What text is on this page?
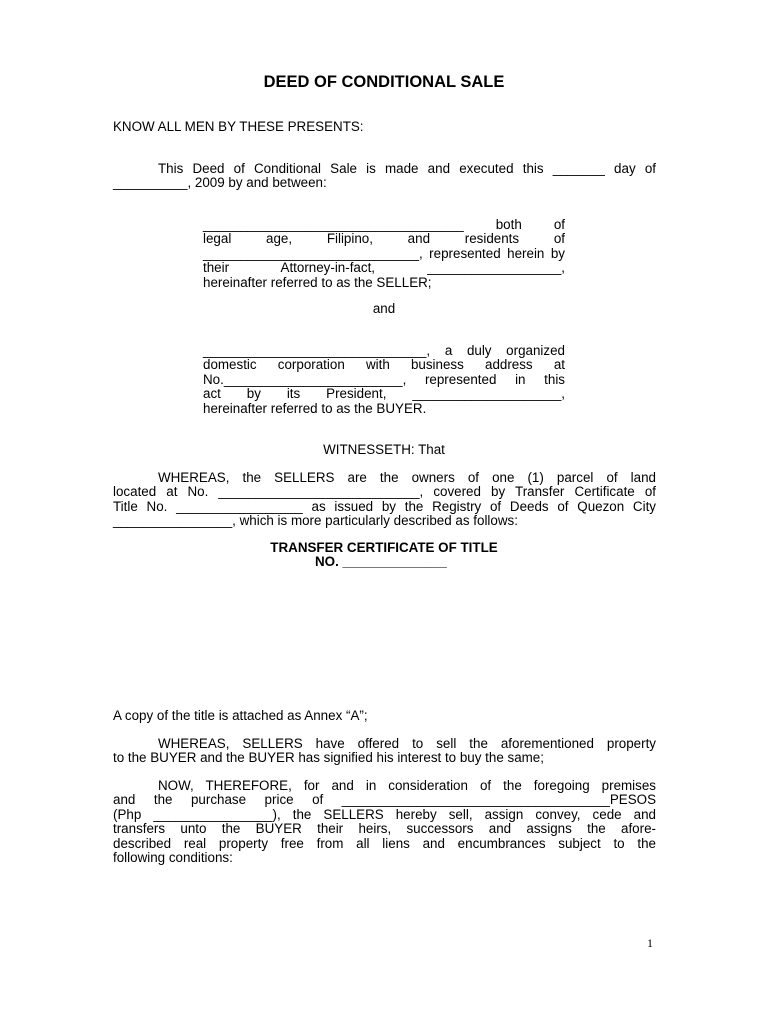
DEED OF CONDITIONAL SALE
KNOW ALL MEN BY THESE PRESENTS:
This Deed of Conditional Sale is made and executed this _______ day of
__________, 2009 by and between:
___________________________________ both of
legal age, Filipino, and residents of
_____________________________, represented herein by
their Attorney-in-fact, __________________,
hereinafter referred to as the SELLER;
and
______________________________, a duly organized
domestic corporation with business address at
No.________________________, represented in this
act by its President, ____________________,
hereinafter referred to as the BUYER.
WITNESSETH: That
WHEREAS, the SELLERS are the owners of one (1) parcel of land
located at No. ___________________________, covered by Transfer Certificate of
Title No. _________________ as issued by the Registry of Deeds of Quezon City
________________, which is more particularly described as follows:
TRANSFER CERTIFICATE OF TITLE
NO. ______________
A copy of the title is attached as Annex “A”;
WHEREAS, SELLERS have offered to sell the aforementioned property
to the BUYER and the BUYER has signified his interest to buy the same;
NOW, THEREFORE, for and in consideration of the foregoing premises
and the purchase price of ____________________________________PESOS
(Php ________________), the SELLERS hereby sell, assign convey, cede and
transfers unto the BUYER their heirs, successors and assigns the afore-
described real property free from all liens and encumbrances subject to the
following conditions:
1
